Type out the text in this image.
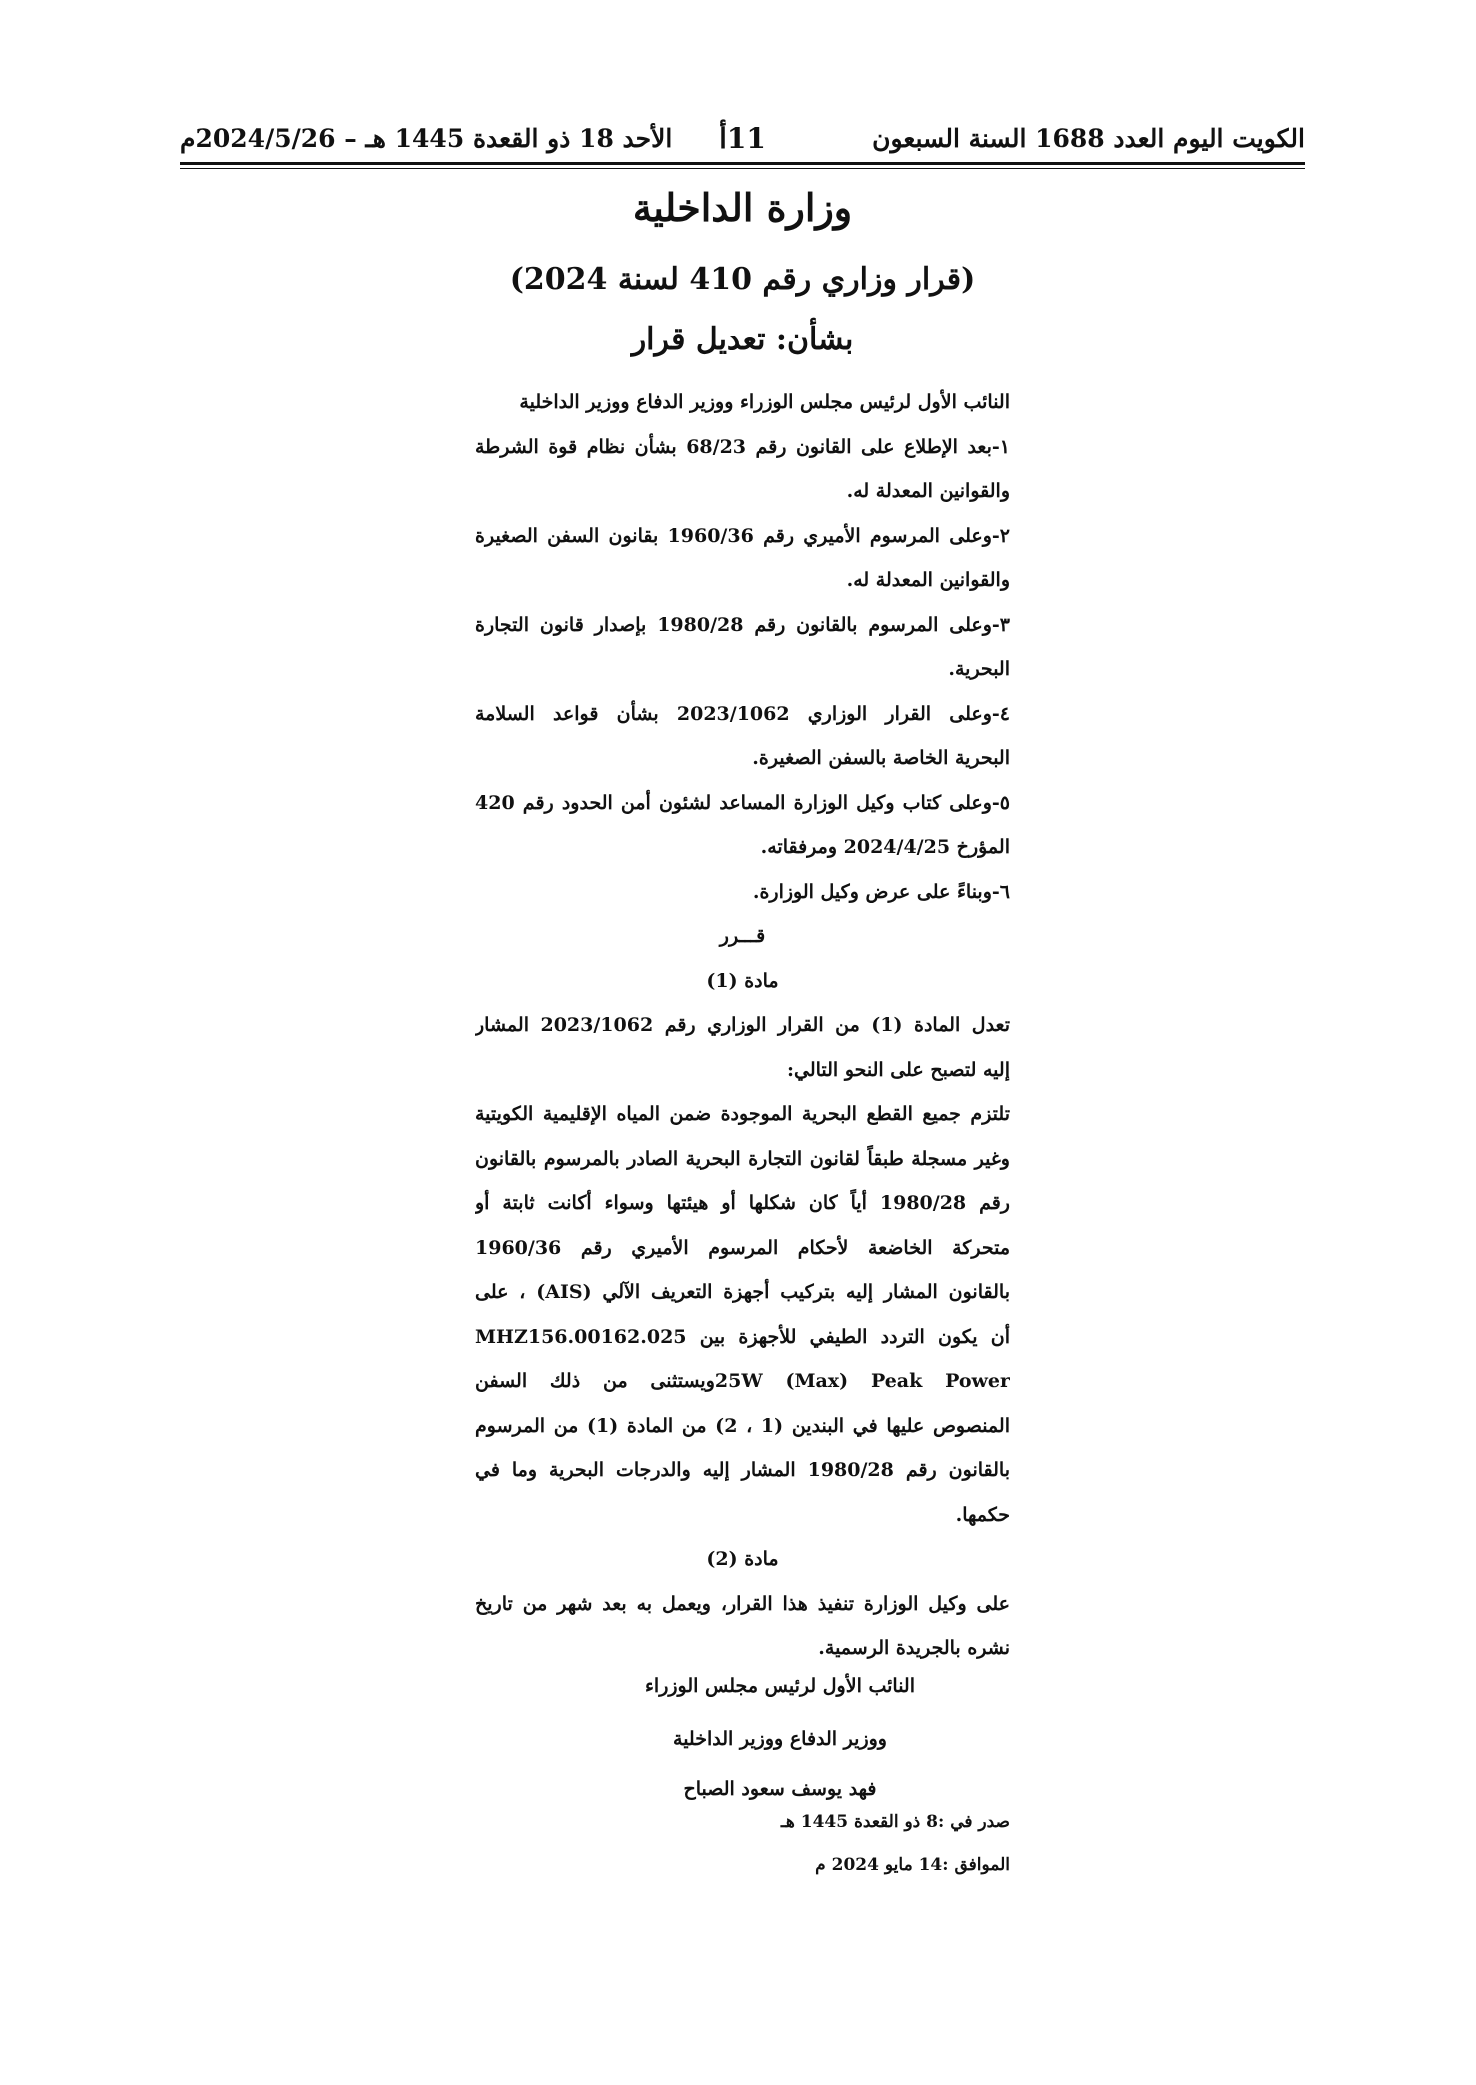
الكويت اليوم العدد 1688 السنة السبعون
11أ
الأحد 18 ذو القعدة 1445 هـ – 2024/5/26م
وزارة الداخلية
(قرار وزاري رقم 410 لسنة 2024)
بشأن: تعديل قرار
النائب الأول لرئيس مجلس الوزراء ووزير الدفاع ووزير الداخلية
١-بعد الإطلاع على القانون رقم 68/23 بشأن نظام قوة الشرطة
والقوانين المعدلة له.
٢-وعلى المرسوم الأميري رقم 1960/36 بقانون السفن الصغيرة
والقوانين المعدلة له.
٣-وعلى المرسوم بالقانون رقم 1980/28 بإصدار قانون التجارة
البحرية.
٤-وعلى القرار الوزاري 2023/1062 بشأن قواعد السلامة
البحرية الخاصة بالسفن الصغيرة.
٥-وعلى كتاب وكيل الوزارة المساعد لشئون أمن الحدود رقم 420
المؤرخ 2024/4/25 ومرفقاته.
٦-وبناءً على عرض وكيل الوزارة.
قـــرر
مادة (1)
تعدل المادة (1) من القرار الوزاري رقم 2023/1062 المشار
إليه لتصبح على النحو التالي:
تلتزم جميع القطع البحرية الموجودة ضمن المياه الإقليمية الكويتية
وغير مسجلة طبقاً لقانون التجارة البحرية الصادر بالمرسوم بالقانون
رقم 1980/28 أياً كان شكلها أو هيئتها وسواء أكانت ثابتة أو
متحركة الخاضعة لأحكام المرسوم الأميري رقم 1960/36
بالقانون المشار إليه بتركيب أجهزة التعريف الآلي (AIS) ، على
أن يكون التردد الطيفي للأجهزة بين MHZ156.00162.025
25W (Max) Peak Powerويستثنى من ذلك السفن
المنصوص عليها في البندين (1 ، 2) من المادة (1) من المرسوم
بالقانون رقم 1980/28 المشار إليه والدرجات البحرية وما في
حكمها.
مادة (2)
على وكيل الوزارة تنفيذ هذا القرار، ويعمل به بعد شهر من تاريخ
نشره بالجريدة الرسمية.
النائب الأول لرئيس مجلس الوزراء
ووزير الدفاع ووزير الداخلية
فهد يوسف سعود الصباح
صدر في :8 ذو القعدة 1445 هـ
الموافق :14 مايو 2024 م
